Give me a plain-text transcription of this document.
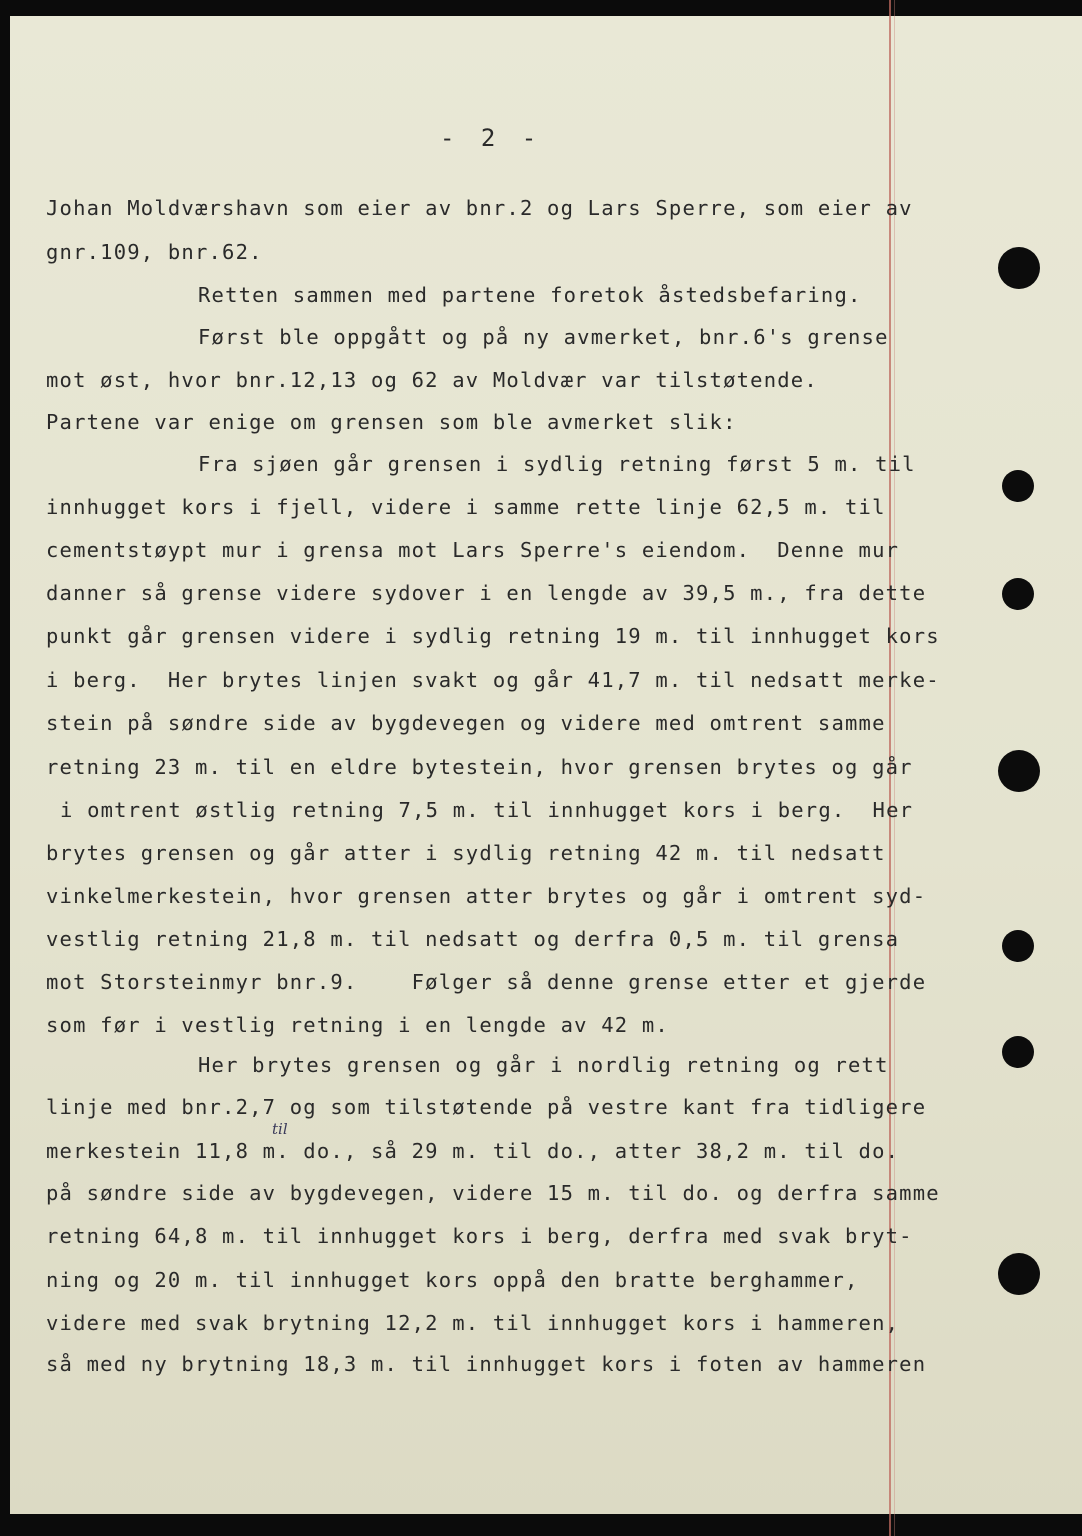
- 2 -
Johan Moldværshavn som eier av bnr.2 og Lars Sperre, som eier av
gnr.109, bnr.62.
Retten sammen med partene foretok åstedsbefaring.
Først ble oppgått og på ny avmerket, bnr.6's grense
mot øst, hvor bnr.12,13 og 62 av Moldvær var tilstøtende.
Partene var enige om grensen som ble avmerket slik:
Fra sjøen går grensen i sydlig retning først 5 m. til
innhugget kors i fjell, videre i samme rette linje 62,5 m. til
cementstøypt mur i grensa mot Lars Sperre's eiendom.  Denne mur
danner så grense videre sydover i en lengde av 39,5 m., fra dette
punkt går grensen videre i sydlig retning 19 m. til innhugget kors
i berg.  Her brytes linjen svakt og går 41,7 m. til nedsatt merke-
stein på søndre side av bygdevegen og videre med omtrent samme
retning 23 m. til en eldre bytestein, hvor grensen brytes og går
i omtrent østlig retning 7,5 m. til innhugget kors i berg.  Her
brytes grensen og går atter i sydlig retning 42 m. til nedsatt
vinkelmerkestein, hvor grensen atter brytes og går i omtrent syd-
vestlig retning 21,8 m. til nedsatt og derfra 0,5 m. til grensa
mot Storsteinmyr bnr.9.    Følger så denne grense etter et gjerde
som før i vestlig retning i en lengde av 42 m.
Her brytes grensen og går i nordlig retning og rett
linje med bnr.2,7 og som tilstøtende på vestre kant fra tidligere
merkestein 11,8 m. do., så 29 m. til do., atter 38,2 m. til do.
på søndre side av bygdevegen, videre 15 m. til do. og derfra samme
retning 64,8 m. til innhugget kors i berg, derfra med svak bryt-
ning og 20 m. til innhugget kors oppå den bratte berghammer,
videre med svak brytning 12,2 m. til innhugget kors i hammeren,
så med ny brytning 18,3 m. til innhugget kors i foten av hammeren
til
